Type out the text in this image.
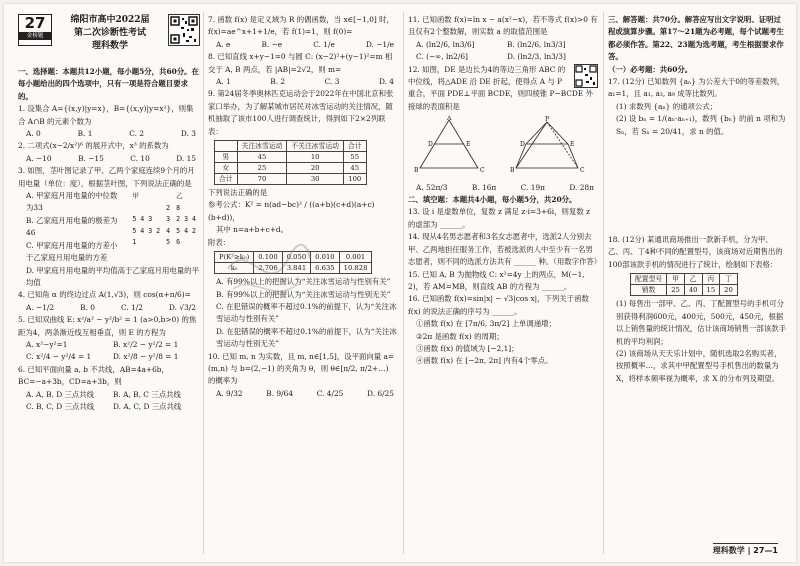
27
金榜题
绵阳市高中2022届
第二次诊断性考试
理科数学
一、选择题：本题共12小题，每小题5分，共60分。在每小题给出的四个选项中，只有一项是符合题目要求的。
1. 设集合 A={(x,y)|y=x}，B={(x,y)|y=x²}，则集合 A∩B 的元素个数为
A. 0	B. 1	C. 2	D. 3
2. 二项式(x−2/x²)⁶ 的展开式中，x³ 的系数为
A. −10	B. −15	C. 10	D. 15
3. 如图，茎叶图记录了甲、乙两个家庭连续9个月的月用电量（单位：度），根据茎叶图，下列说法正确的是
甲		乙
	2	8
5 4 3	3	2 3 4
5 4 3 2	4	5 4 2
1	5	6
A. 甲家庭月用电量的中位数为33
B. 乙家庭月用电量的极差为46
C. 甲家庭月用电量的方差小于乙家庭月用电量的方差
D. 甲家庭月用电量的平均值高于乙家庭月用电量的平均值
4. 已知角 α 的终边过点 A(1,√3)，则 cos(α+π/6)=
A. −1/2	B. 0	C. 1/2	D. √3/2
5. 已知双曲线 E: x²/a² − y²/b² = 1 (a>0,b>0) 的焦距为4，两条渐近线互相垂直，则 E 的方程为
A. x²−y²=1	B. x²/2 − y²/2 = 1
C. x²/4 − y²/4 = 1	D. x²/8 − y²/8 = 1
6. 已知平面向量 a, b 不共线，AB=4a+6b，BC=−a+3b，CD=a+3b，则
A. A, B, D 三点共线	B. A, B, C 三点共线
C. B, C, D 三点共线	D. A, C, D 三点共线
7. 函数 f(x) 是定义域为 R 的偶函数，当 x∈[−1,0] 时，f(x)=ae^x+1+1/e，若 f(1)=1，则 f(0)=
A. e	B. −e	C. 1/e	D. −1/e
8. 已知直线 x+y−1=0 与圆 C: (x−2)²+(y−1)²=m 相交于 A, B 两点，若 |AB|=2√2，则 m=
A. 1	B. 2	C. 3	D. 4
9. 第24届冬季奥林匹克运动会于2022年在中国北京和张家口举办，为了解某城市居民对冰雪运动的关注情况，随机抽取了该市100人进行调查统计，得到如下2×2列联表：
	关注冰雪运动	不关注冰雪运动	合计
男	45	10	55
女	25	20	45
合计	70	30	100
下列说法正确的是
参考公式：K² = n(ad−bc)² / ((a+b)(c+d)(a+c)(b+d))，
其中 n=a+b+c+d。
附表：
P(K²≥k₀)	0.100	0.050	0.010	0.001
k₀	2.706	3.841	6.635	10.828
A. 有99%以上的把握认为“关注冰雪运动与性别有关”
B. 有99%以上的把握认为“关注冰雪运动与性别无关”
C. 在犯错误的概率不超过0.1%的前提下，认为“关注冰雪运动与性别有关”
D. 在犯错误的概率不超过0.1%的前提下，认为“关注冰雪运动与性别无关”
10. 已知 m, n 为实数，且 m, n∈[1,5]，设平面向量 a=(m,n) 与 b=(2,−1) 的夹角为 θ，则 θ∈[π/2, π/2+…) 的概率为
A. 9/32	B. 9/64	C. 4/25	D. 6/25
11. 已知函数 f(x)=ln x − a(x²−x)，若不等式 f(x)>0 有且仅有2个整数解，则实数 a 的取值范围是
A. (ln2/6, ln3/6]	B. (ln2/6, ln3/3]
C. (−∞, ln2/6]	D. (ln2/3, ln3/3]
12. 如图，DE 是边长为4的等边三角形 ABC 的中位线，将△ADE 沿 DE 折起，使得点 A 与 P 重合，平面 PDE⊥平面 BCDE，则四棱锥 P−BCDE 外接球的表面积是
A
D	E
B	C
P
D	E
B	C
A. 52π/3	B. 16π	C. 19π	D. 28π
二、填空题：本题共4小题，每小题5分，共20分。
13. 设 i 是虚数单位，复数 z 满足 z·i=3+6i，则复数 z 的虚部为 ______。
14. 现从4名男志愿者和3名女志愿者中，选派2人分别去甲、乙两地担任服务工作，若被选派的人中至少有一名男志愿者，则不同的选派方法共有 ______ 种。（用数字作答）
15. 已知 A, B 为抛物线 C: x²=4y 上的两点，M(−1, 2)，若 AM=MB，则直线 AB 的方程为 ______。
16. 已知函数 f(x)=sin|x| − √3|cos x|，下列关于函数 f(x) 的说法正确的序号为 ______。
①函数 f(x) 在 [7π/6, 3π/2] 上单调递增；
②2π 是函数 f(x) 的周期；
③函数 f(x) 的值域为 [−2,1]；
④函数 f(x) 在 [−2π, 2π] 内有4个零点。
三、解答题：共70分。解答应写出文字说明、证明过程或演算步骤。第17～21题为必考题，每个试题考生都必须作答。第22、23题为选考题，考生根据要求作答。
（一）必考题：共60分。
17. (12分) 已知数列 {aₙ} 为公差大于0的等差数列，a₁=1，且 a₁, a₃, a₉ 成等比数列。
(1) 求数列 {aₙ} 的通项公式；
(2) 设 bₙ = 1/(aₙ·aₙ₊₁)，数列 {bₙ} 的前 n 项和为 Sₙ，若 Sₙ = 20/41，求 n 的值。
18. (12分) 某通讯商场推出一款新手机，分为甲、乙、丙、丁4种不同的配置型号，该商场对近期售出的100部该款手机的情况进行了统计，绘制如下表格：
配置型号	甲	乙	丙	丁
销数	25	40	15	20
(1) 每售出一部甲、乙、丙、丁配置型号的手机可分别获得利润600元，400元，500元，450元，根据以上销售量的统计情况，估计该商场销售一部该款手机的平均利润；
(2) 该商场从天天乐计划中，随机选取2名购买者，按照概率…，求其中甲配置型号手机售出的数量为 X，将样本频率视为概率，求 X 的分布列及期望。
理科数学 | 27—1
